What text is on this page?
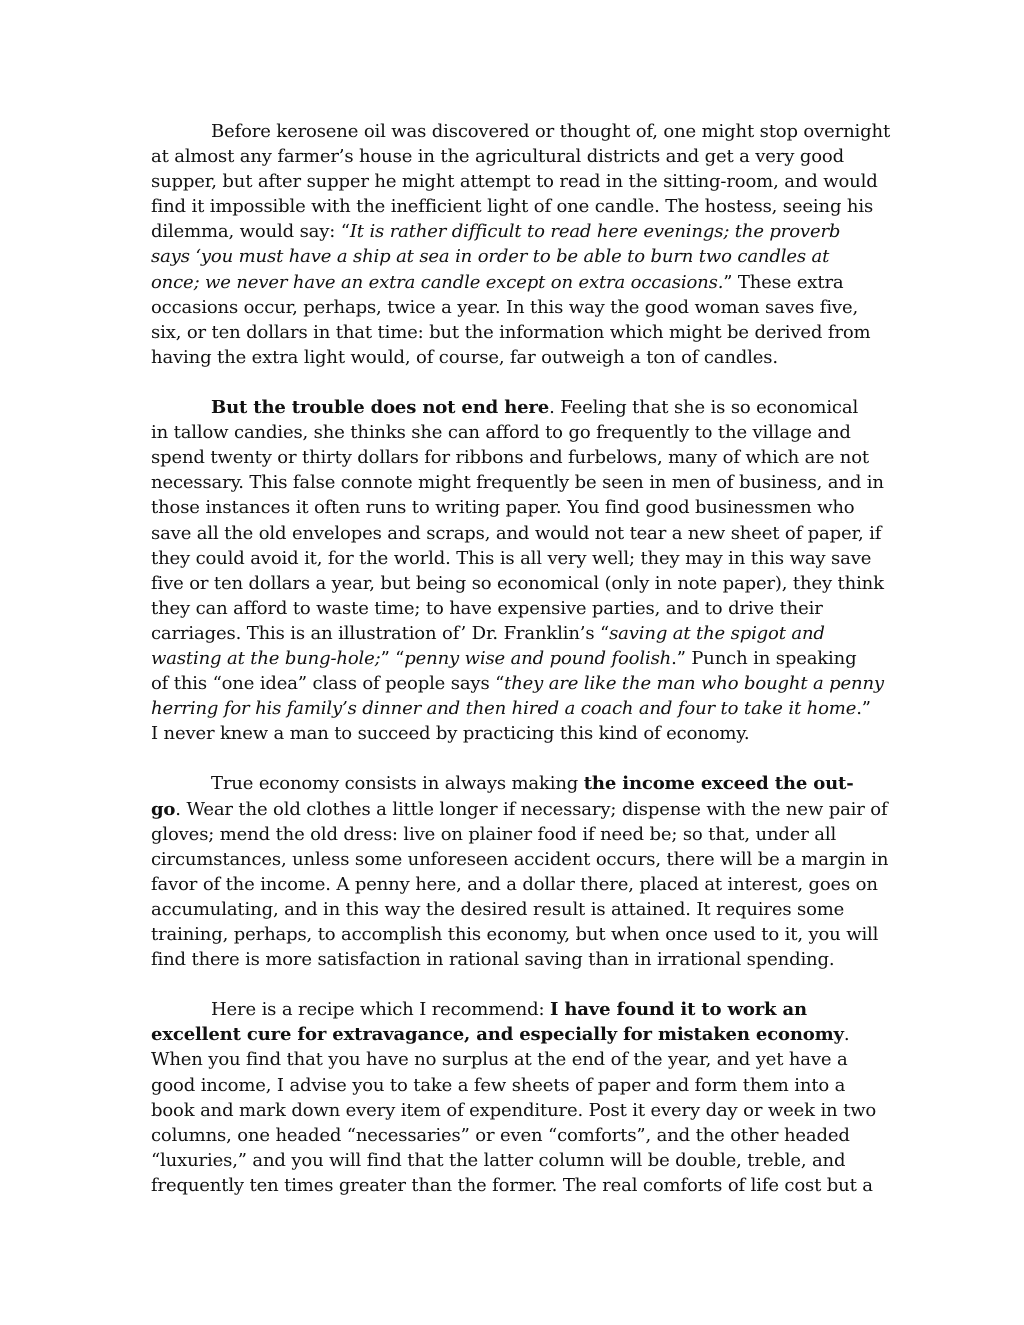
Before kerosene oil was discovered or thought of, one might stop overnight
at almost any farmer’s house in the agricultural districts and get a very good
supper, but after supper he might attempt to read in the sitting-room, and would
find it impossible with the inefficient light of one candle. The hostess, seeing his
dilemma, would say: “It is rather difficult to read here evenings; the proverb
says ‘you must have a ship at sea in order to be able to burn two candles at
once; we never have an extra candle except on extra occasions.” These extra
occasions occur, perhaps, twice a year. In this way the good woman saves five,
six, or ten dollars in that time: but the information which might be derived from
having the extra light would, of course, far outweigh a ton of candles.
But the trouble does not end here. Feeling that she is so economical
in tallow candies, she thinks she can afford to go frequently to the village and
spend twenty or thirty dollars for ribbons and furbelows, many of which are not
necessary. This false connote might frequently be seen in men of business, and in
those instances it often runs to writing paper. You find good businessmen who
save all the old envelopes and scraps, and would not tear a new sheet of paper, if
they could avoid it, for the world. This is all very well; they may in this way save
five or ten dollars a year, but being so economical (only in note paper), they think
they can afford to waste time; to have expensive parties, and to drive their
carriages. This is an illustration of’ Dr. Franklin’s “saving at the spigot and
wasting at the bung-hole;” “penny wise and pound foolish.” Punch in speaking
of this “one idea” class of people says “they are like the man who bought a penny
herring for his family’s dinner and then hired a coach and four to take it home.”
I never knew a man to succeed by practicing this kind of economy.
True economy consists in always making the income exceed the out-
go. Wear the old clothes a little longer if necessary; dispense with the new pair of
gloves; mend the old dress: live on plainer food if need be; so that, under all
circumstances, unless some unforeseen accident occurs, there will be a margin in
favor of the income. A penny here, and a dollar there, placed at interest, goes on
accumulating, and in this way the desired result is attained. It requires some
training, perhaps, to accomplish this economy, but when once used to it, you will
find there is more satisfaction in rational saving than in irrational spending.
Here is a recipe which I recommend: I have found it to work an
excellent cure for extravagance, and especially for mistaken economy.
When you find that you have no surplus at the end of the year, and yet have a
good income, I advise you to take a few sheets of paper and form them into a
book and mark down every item of expenditure. Post it every day or week in two
columns, one headed “necessaries” or even “comforts”, and the other headed
“luxuries,” and you will find that the latter column will be double, treble, and
frequently ten times greater than the former. The real comforts of life cost but a
